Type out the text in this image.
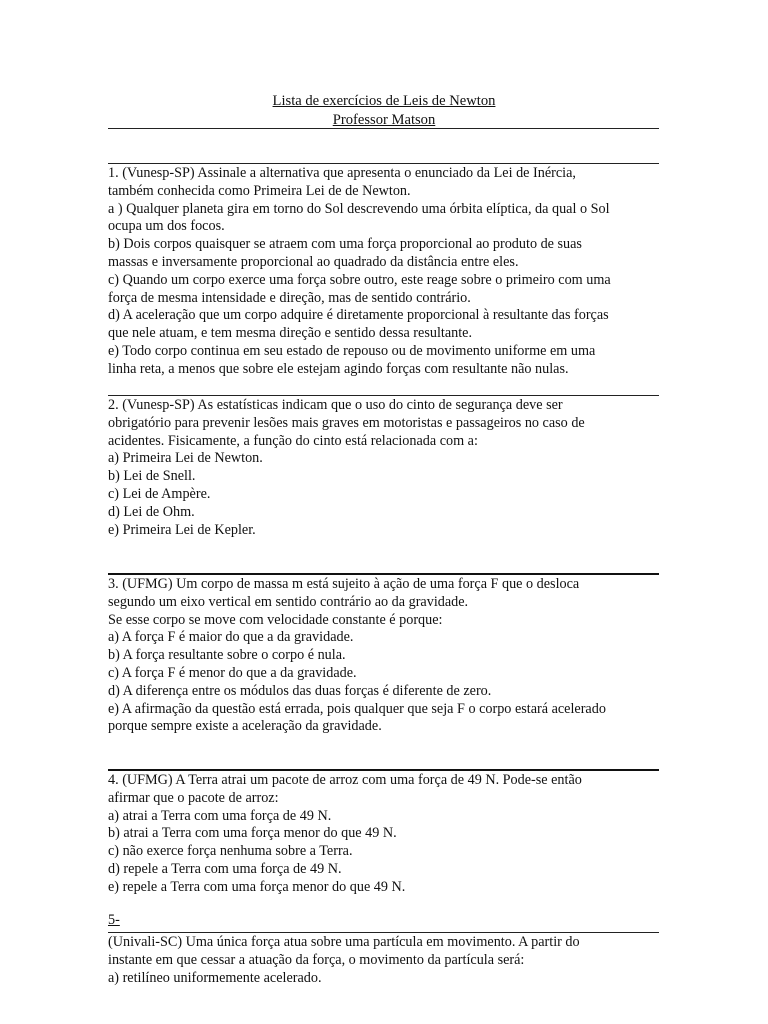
Lista de exercícios de Leis de Newton
Professor Matson
1. (Vunesp-SP) Assinale a alternativa que apresenta o enunciado da Lei de Inércia,
também conhecida como Primeira Lei de de Newton.
a ) Qualquer planeta gira em torno do Sol descrevendo uma órbita elíptica, da qual o Sol
ocupa um dos focos.
b) Dois corpos quaisquer se atraem com uma força proporcional ao produto de suas
massas e inversamente proporcional ao quadrado da distância entre eles.
c) Quando um corpo exerce uma força sobre outro, este reage sobre o primeiro com uma
força de mesma intensidade e direção, mas de sentido contrário.
d) A aceleração que um corpo adquire é diretamente proporcional à resultante das forças
que nele atuam, e tem mesma direção e sentido dessa resultante.
e) Todo corpo continua em seu estado de repouso ou de movimento uniforme em uma
linha reta, a menos que sobre ele estejam agindo forças com resultante não nulas.
2. (Vunesp-SP) As estatísticas indicam que o uso do cinto de segurança deve ser
obrigatório para prevenir lesões mais graves em motoristas e passageiros no caso de
acidentes. Fisicamente, a função do cinto está relacionada com a:
a) Primeira Lei de Newton.
b) Lei de Snell.
c) Lei de Ampère.
d) Lei de Ohm.
e) Primeira Lei de Kepler.
3. (UFMG) Um corpo de massa m está sujeito à ação de uma força F que o desloca
segundo um eixo vertical em sentido contrário ao da gravidade.
Se esse corpo se move com velocidade constante é porque:
a) A força F é maior do que a da gravidade.
b) A força resultante sobre o corpo é nula.
c) A força F é menor do que a da gravidade.
d) A diferença entre os módulos das duas forças é diferente de zero.
e) A afirmação da questão está errada, pois qualquer que seja F o corpo estará acelerado
porque sempre existe a aceleração da gravidade.
4. (UFMG) A Terra atrai um pacote de arroz com uma força de 49 N. Pode-se então
afirmar que o pacote de arroz:
a) atrai a Terra com uma força de 49 N.
b) atrai a Terra com uma força menor do que 49 N.
c) não exerce força nenhuma sobre a Terra.
d) repele a Terra com uma força de 49 N.
e) repele a Terra com uma força menor do que 49 N.
5-
(Univali-SC) Uma única força atua sobre uma partícula em movimento. A partir do
instante em que cessar a atuação da força, o movimento da partícula será:
a) retilíneo uniformemente acelerado.
